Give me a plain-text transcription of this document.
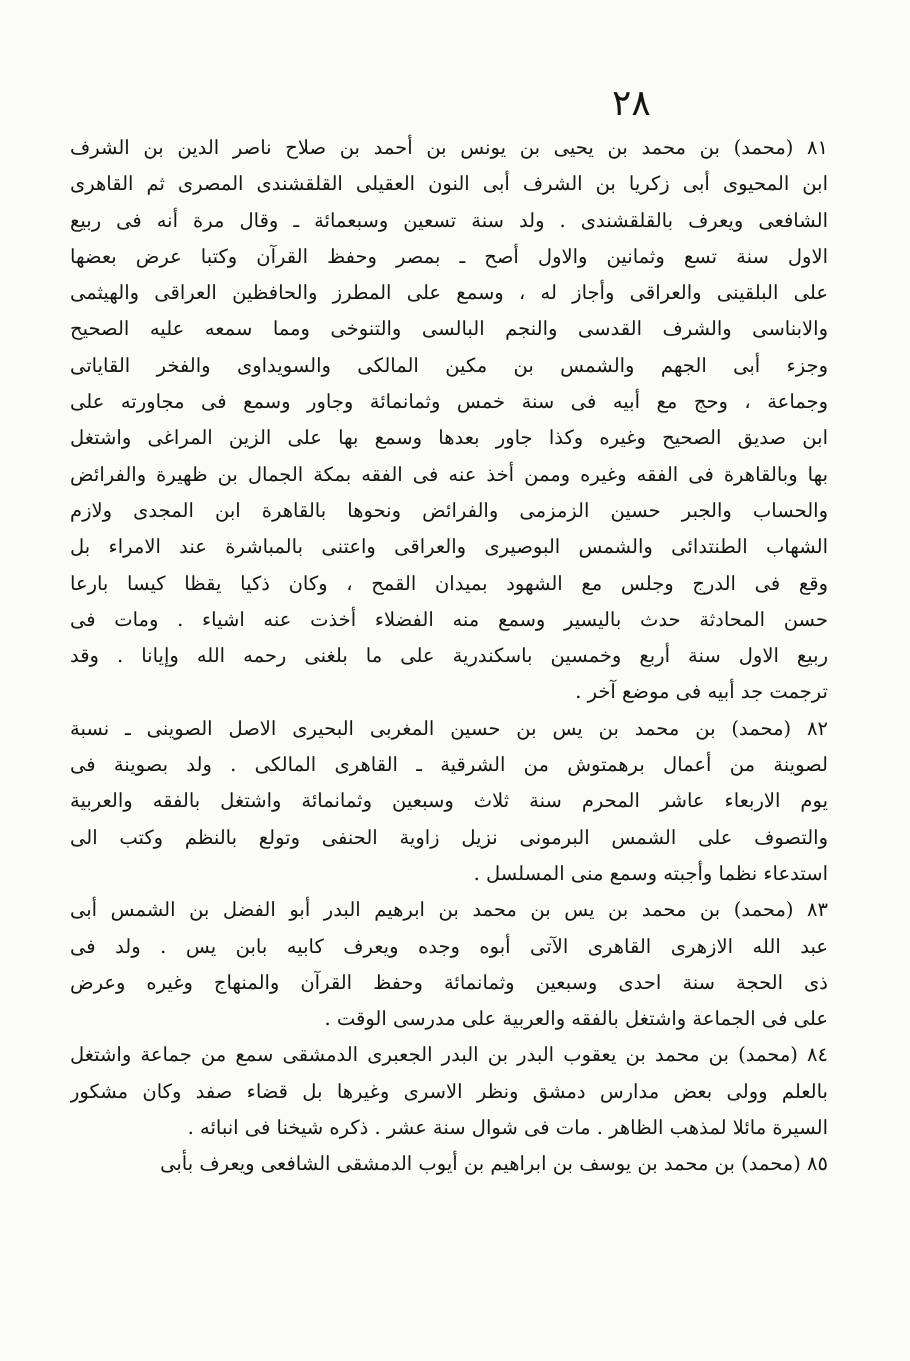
٢٨
٨١ (محمد) بن محمد بن يحيى بن يونس بن أحمد بن صلاح ناصر الدين بن الشرف
ابن المحيوى أبى زكريا بن الشرف أبى النون العقيلى القلقشندى المصرى ثم القاهرى
الشافعى ويعرف بالقلقشندى . ولد سنة تسعين وسبعمائة ـ وقال مرة أنه فى ربيع
الاول سنة تسع وثمانين والاول أصح ـ بمصر وحفظ القرآن وكتبا عرض بعضها
على البلقينى والعراقى وأجاز له ، وسمع على المطرز والحافظين العراقى والهيثمى
والابناسى والشرف القدسى والنجم البالسى والتنوخى ومما سمعه عليه الصحيح
وجزء أبى الجهم والشمس بن مكين المالكى والسويداوى والفخر القاياتى
وجماعة ، وحج مع أبيه فى سنة خمس وثمانمائة وجاور وسمع فى مجاورته على
ابن صديق الصحيح وغيره وكذا جاور بعدها وسمع بها على الزين المراغى واشتغل
بها وبالقاهرة فى الفقه وغيره وممن أخذ عنه فى الفقه بمكة الجمال بن ظهيرة والفرائض
والحساب والجبر حسين الزمزمى والفرائض ونحوها بالقاهرة ابن المجدى ولازم
الشهاب الطنتدائى والشمس البوصيرى والعراقى واعتنى بالمباشرة عند الامراء بل
وقع فى الدرج وجلس مع الشهود بميدان القمح ، وكان ذكيا يقظا كيسا بارعا
حسن المحادثة حدث باليسير وسمع منه الفضلاء أخذت عنه اشياء . ومات فى
ربيع الاول سنة أربع وخمسين باسكندرية على ما بلغنى رحمه الله وإيانا . وقد
ترجمت جد أبيه فى موضع آخر .
٨٢ (محمد) بن محمد بن يس بن حسين المغربى البحيرى الاصل الصوينى ـ نسبة
لصوينة من أعمال برهمتوش من الشرقية ـ القاهرى المالكى . ولد بصوينة فى
يوم الاربعاء عاشر المحرم سنة ثلاث وسبعين وثمانمائة واشتغل بالفقه والعربية
والتصوف على الشمس البرمونى نزيل زاوية الحنفى وتولع بالنظم وكتب الى
استدعاء نظما وأجبته وسمع منى المسلسل .
٨٣ (محمد) بن محمد بن يس بن محمد بن ابرهيم البدر أبو الفضل بن الشمس أبى
عبد الله الازهرى القاهرى الآتى أبوه وجده ويعرف كابيه بابن يس . ولد فى
ذى الحجة سنة احدى وسبعين وثمانمائة وحفظ القرآن والمنهاج وغيره وعرض
على فى الجماعة واشتغل بالفقه والعربية على مدرسى الوقت .
٨٤ (محمد) بن محمد بن يعقوب البدر بن البدر الجعبرى الدمشقى سمع من جماعة واشتغل
بالعلم وولى بعض مدارس دمشق ونظر الاسرى وغيرها بل قضاء صفد وكان مشكور
السيرة مائلا لمذهب الظاهر . مات فى شوال سنة عشر . ذكره شيخنا فى انبائه .
٨٥ (محمد) بن محمد بن يوسف بن ابراهيم بن أيوب الدمشقى الشافعى ويعرف بأبى
